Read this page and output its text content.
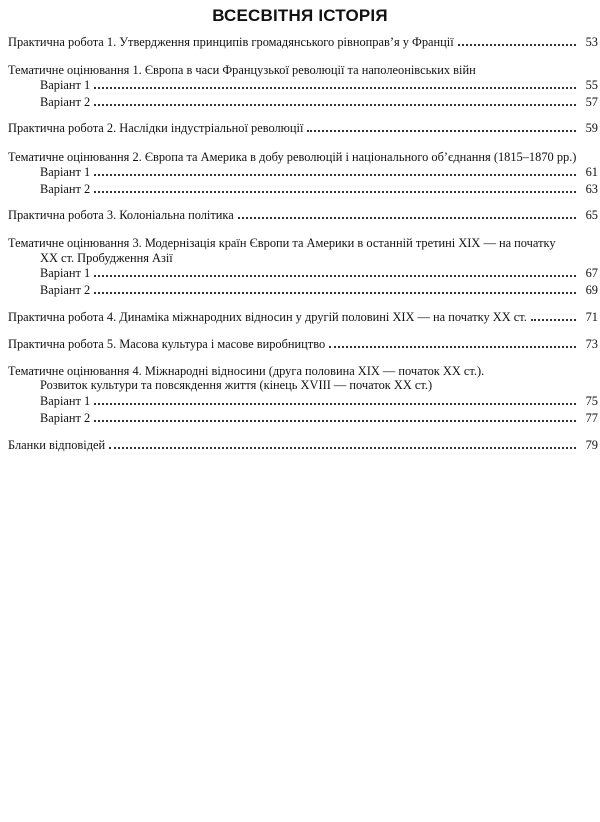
ВСЕСВІТНЯ ІСТОРІЯ
Практична робота 1. Утвердження принципів громадянського рівноправ’я у Франції	53
Тематичне оцінювання 1. Європа в часи Французької революції та наполеонівських війн
Варіант 1	55
Варіант 2	57
Практична робота 2. Наслідки індустріальної революції	59
Тематичне оцінювання 2. Європа та Америка в добу революцій і національного об’єднання (1815–1870 рр.)
Варіант 1	61
Варіант 2	63
Практична робота 3. Колоніальна політика	65
Тематичне оцінювання 3. Модернізація країн Європи та Америки в останній третині XIX — на початку
XX ст. Пробудження Азії
Варіант 1	67
Варіант 2	69
Практична робота 4. Динаміка міжнародних відносин у другій половині XIX — на початку XX ст.	71
Практична робота 5. Масова культура і масове виробництво	73
Тематичне оцінювання 4. Міжнародні відносини (друга половина XIX — початок XX ст.).
Розвиток культури та повсякдення життя (кінець XVIII — початок XX ст.)
Варіант 1	75
Варіант 2	77
Бланки відповідей	79
